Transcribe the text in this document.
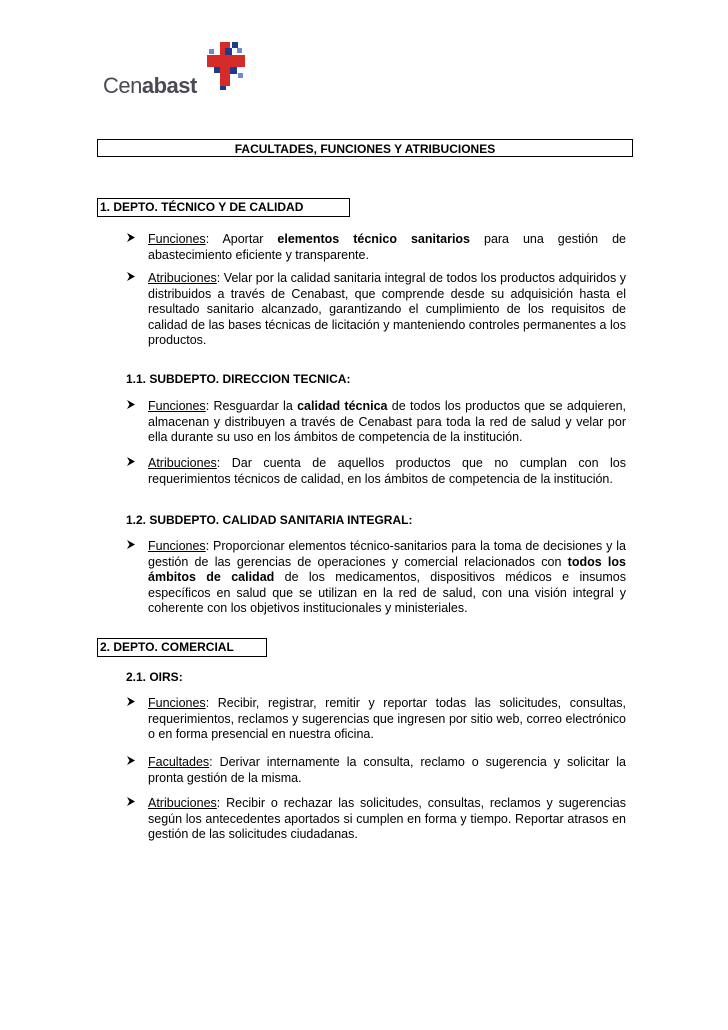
Cenabast
FACULTADES, FUNCIONES Y ATRIBUCIONES
1. DEPTO. TÉCNICO Y DE CALIDAD
Funciones: Aportar elementos técnico sanitarios para una gestión de abastecimiento eficiente y transparente.
Atribuciones: Velar por la calidad sanitaria integral de todos los productos adquiridos y distribuidos a través de Cenabast, que comprende desde su adquisición hasta el resultado sanitario alcanzado, garantizando el cumplimiento de los requisitos de calidad de las bases técnicas de licitación y manteniendo controles permanentes a los productos.
1.1. SUBDEPTO. DIRECCION TECNICA:
Funciones: Resguardar la calidad técnica de todos los productos que se adquieren, almacenan y distribuyen a través de Cenabast para toda la red de salud y velar por ella durante su uso en los ámbitos de competencia de la institución.
Atribuciones: Dar cuenta de aquellos productos que no cumplan con los requerimientos técnicos de calidad, en los ámbitos de competencia de la institución.
1.2. SUBDEPTO. CALIDAD SANITARIA INTEGRAL:
Funciones: Proporcionar elementos técnico-sanitarios para la toma de decisiones y la gestión de las gerencias de operaciones y comercial relacionados con todos los ámbitos de calidad de los medicamentos, dispositivos médicos e insumos específicos en salud que se utilizan en la red de salud, con una visión integral y coherente con los objetivos institucionales y ministeriales.
2. DEPTO. COMERCIAL
2.1. OIRS:
Funciones: Recibir, registrar, remitir y reportar todas las solicitudes, consultas, requerimientos, reclamos y sugerencias que ingresen por sitio web, correo electrónico o en forma presencial en nuestra oficina.
Facultades: Derivar internamente la consulta, reclamo o sugerencia y solicitar la pronta gestión de la misma.
Atribuciones: Recibir o rechazar las solicitudes, consultas, reclamos y sugerencias según los antecedentes aportados si cumplen en forma y tiempo. Reportar atrasos en gestión de las solicitudes ciudadanas.
